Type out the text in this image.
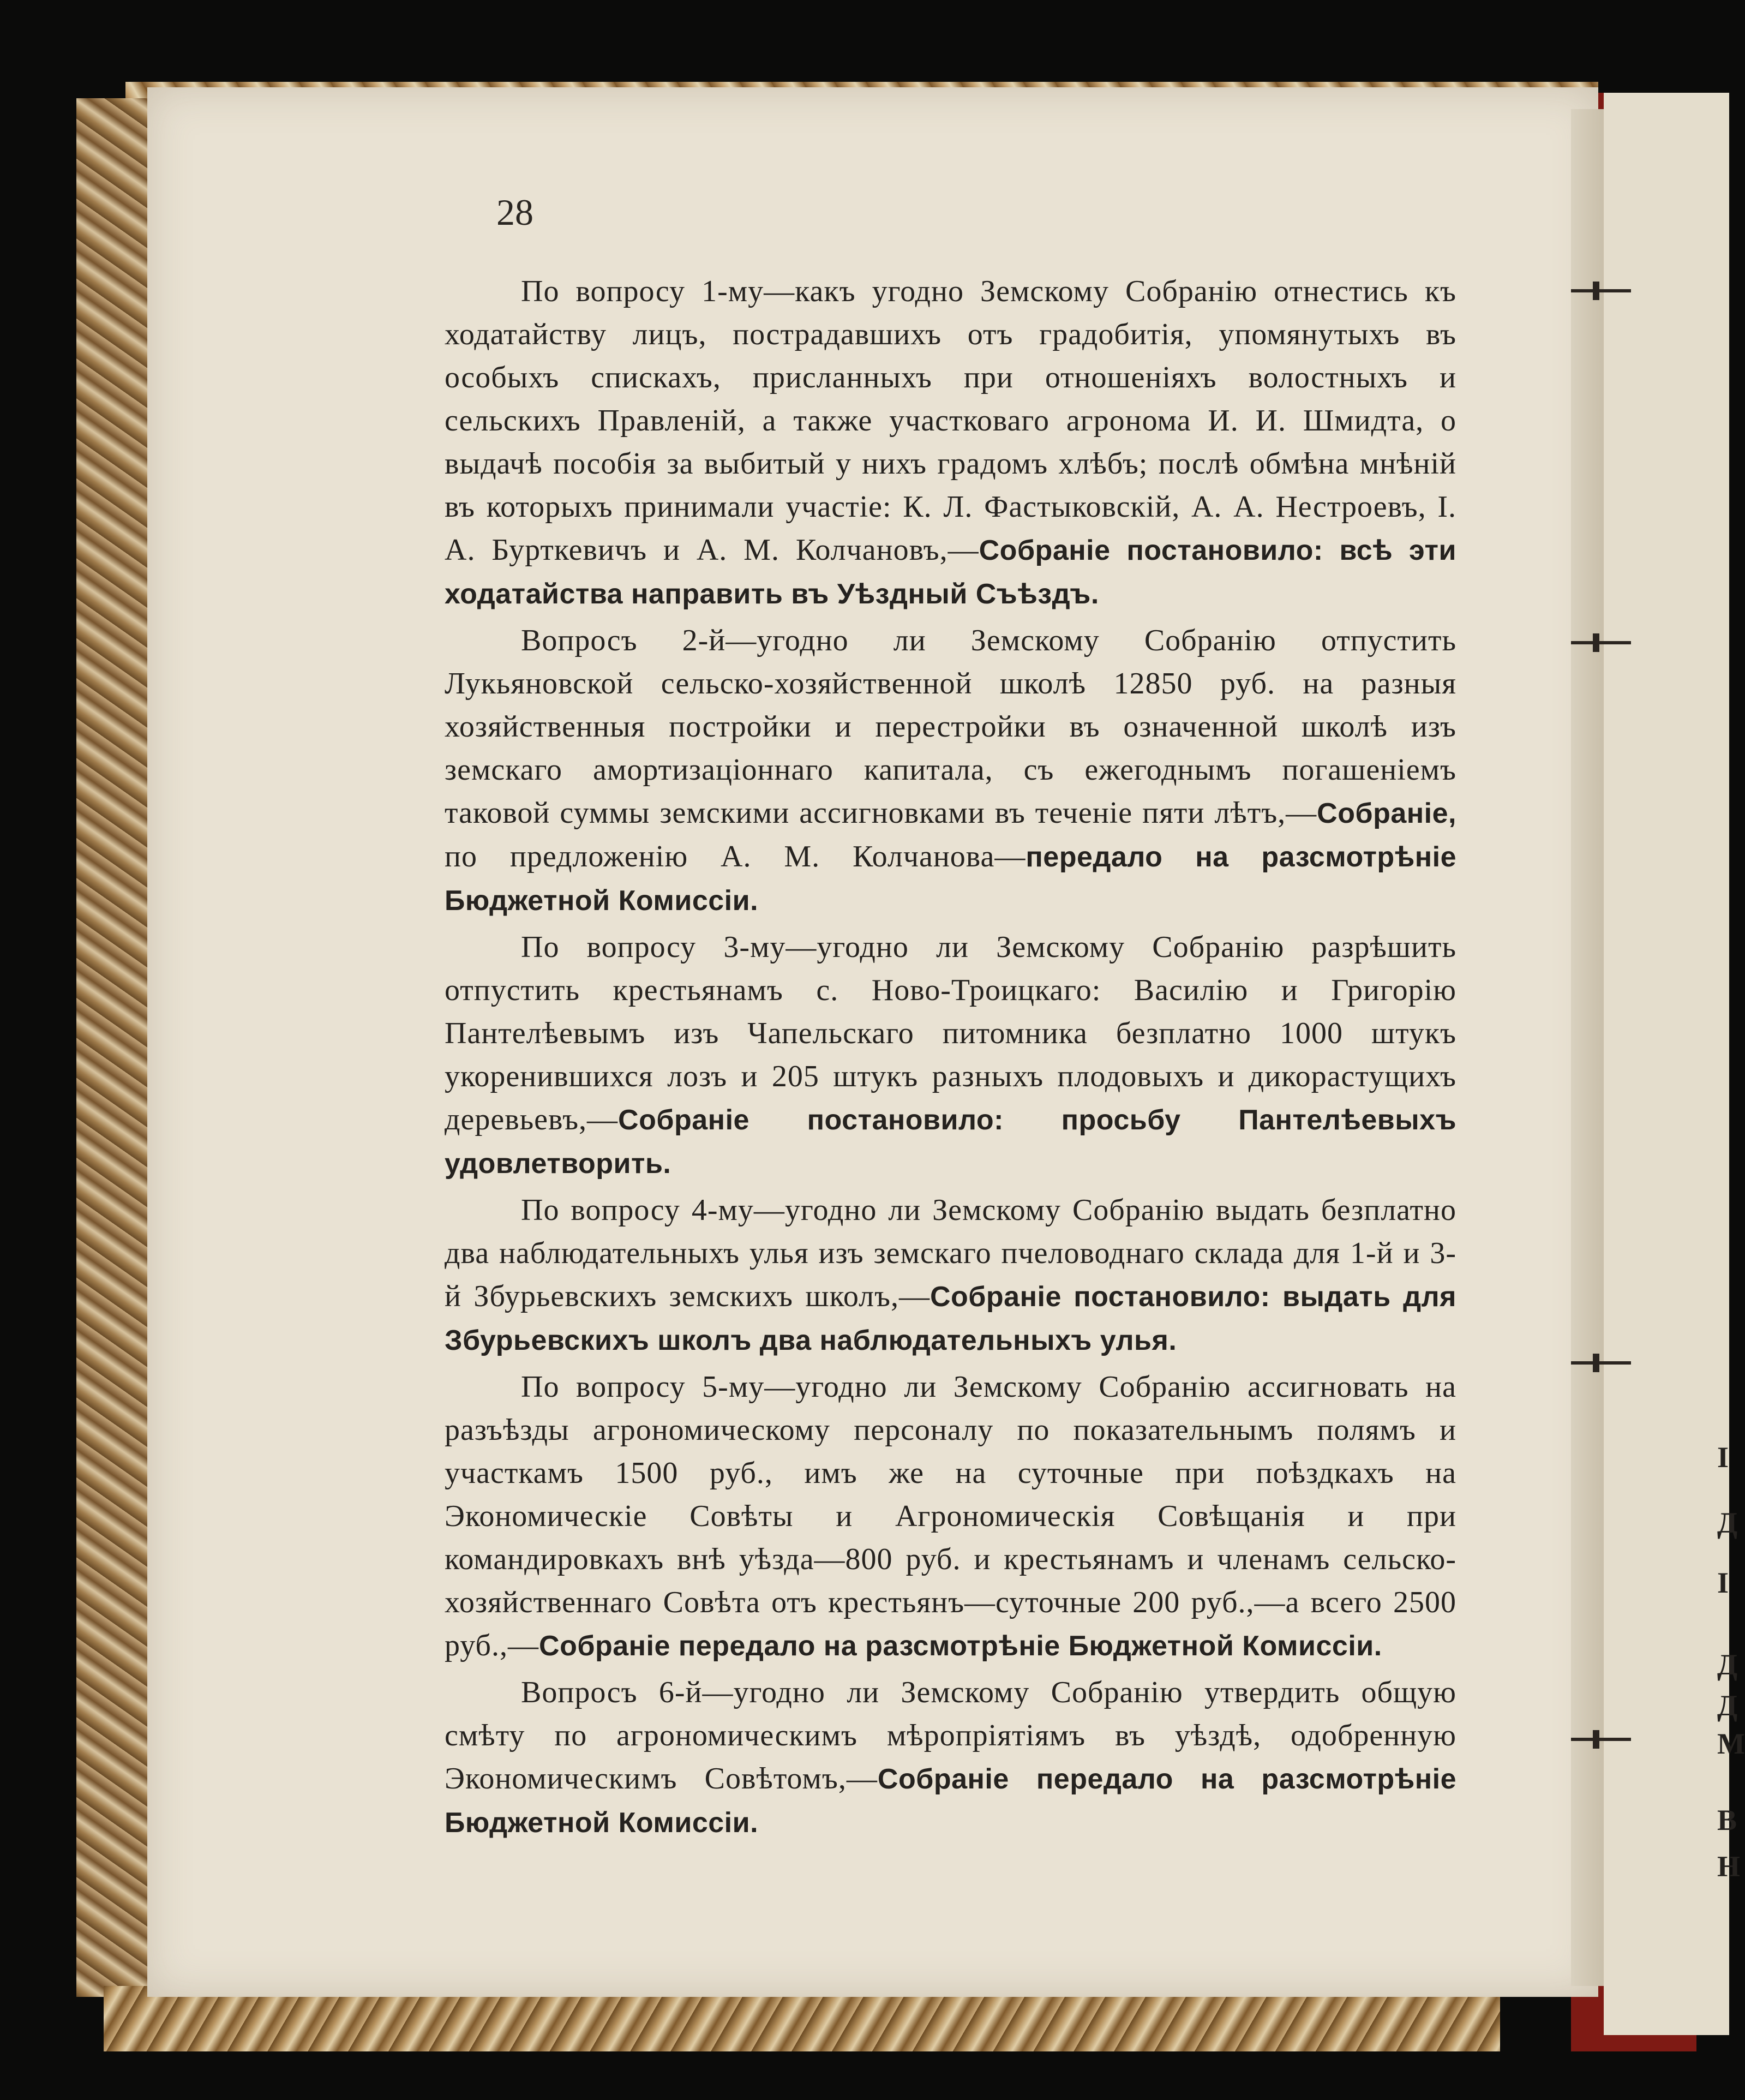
28

По вопросу 1-му—какъ угодно Земскому Собранію отнестись къ ходатайству лицъ, пострадавшихъ отъ градобитія, упомянутыхъ въ особыхъ спискахъ, присланныхъ при отношеніяхъ волостныхъ и сельскихъ Правленій, а также участковаго агронома И. И. Шмидта, о выдачѣ пособія за выбитый у нихъ градомъ хлѣбъ; послѣ обмѣна мнѣній въ которыхъ принимали участіе: К. Л. Фастыковскій, А. А. Нестроевъ, І. А. Бурткевичъ и А. М. Колчановъ,—Собраніе постановило: всѣ эти ходатайства направить въ Уѣздный Съѣздъ.

Вопросъ 2-й—угодно ли Земскому Собранію отпустить Лукьяновской сельско-хозяйственной школѣ 12850 руб. на разныя хозяйственныя постройки и перестройки въ означенной школѣ изъ земскаго амортизаціоннаго капитала, съ ежегоднымъ погашеніемъ таковой суммы земскими ассигновками въ теченіе пяти лѣтъ,—Собраніе, по предложенію А. М. Колчанова—передало на разсмотрѣніе Бюджетной Комиссіи.

По вопросу 3-му—угодно ли Земскому Собранію разрѣшить отпустить крестьянамъ с. Ново-Троицкаго: Василію и Григорію Пантелѣевымъ изъ Чапельскаго питомника безплатно 1000 штукъ укоренившихся лозъ и 205 штукъ разныхъ плодовыхъ и дикорастущихъ деревьевъ,—Собраніе постановило: просьбу Пантелѣевыхъ удовлетворить.

По вопросу 4-му—угодно ли Земскому Собранію выдать безплатно два наблюдательныхъ улья изъ земскаго пчеловоднаго склада для 1-й и 3-й Збурьевскихъ земскихъ школъ,—Собраніе постановило: выдать для Збурьевскихъ школъ два наблюдательныхъ улья.

По вопросу 5-му—угодно ли Земскому Собранію ассигновать на разъѣзды агрономическому персоналу по показательнымъ полямъ и участкамъ 1500 руб., имъ же на суточные при поѣздкахъ на Экономическіе Совѣты и Агрономическія Совѣщанія и при командировкахъ внѣ уѣзда—800 руб. и крестьянамъ и членамъ сельско-хозяйственнаго Совѣта отъ крестьянъ—суточные 200 руб.,—а всего 2500 руб.,—Собраніе передало на разсмотрѣніе Бюджетной Комиссіи.

Вопросъ 6-й—угодно ли Земскому Собранію утвердить общую смѣту по агрономическимъ мѣропріятіямъ въ уѣздѣ, одобренную Экономическимъ Совѣтомъ,—Собраніе передало на разсмотрѣніе Бюджетной Комиссіи.

I
Д
I
Д
Д
М
В
Н
